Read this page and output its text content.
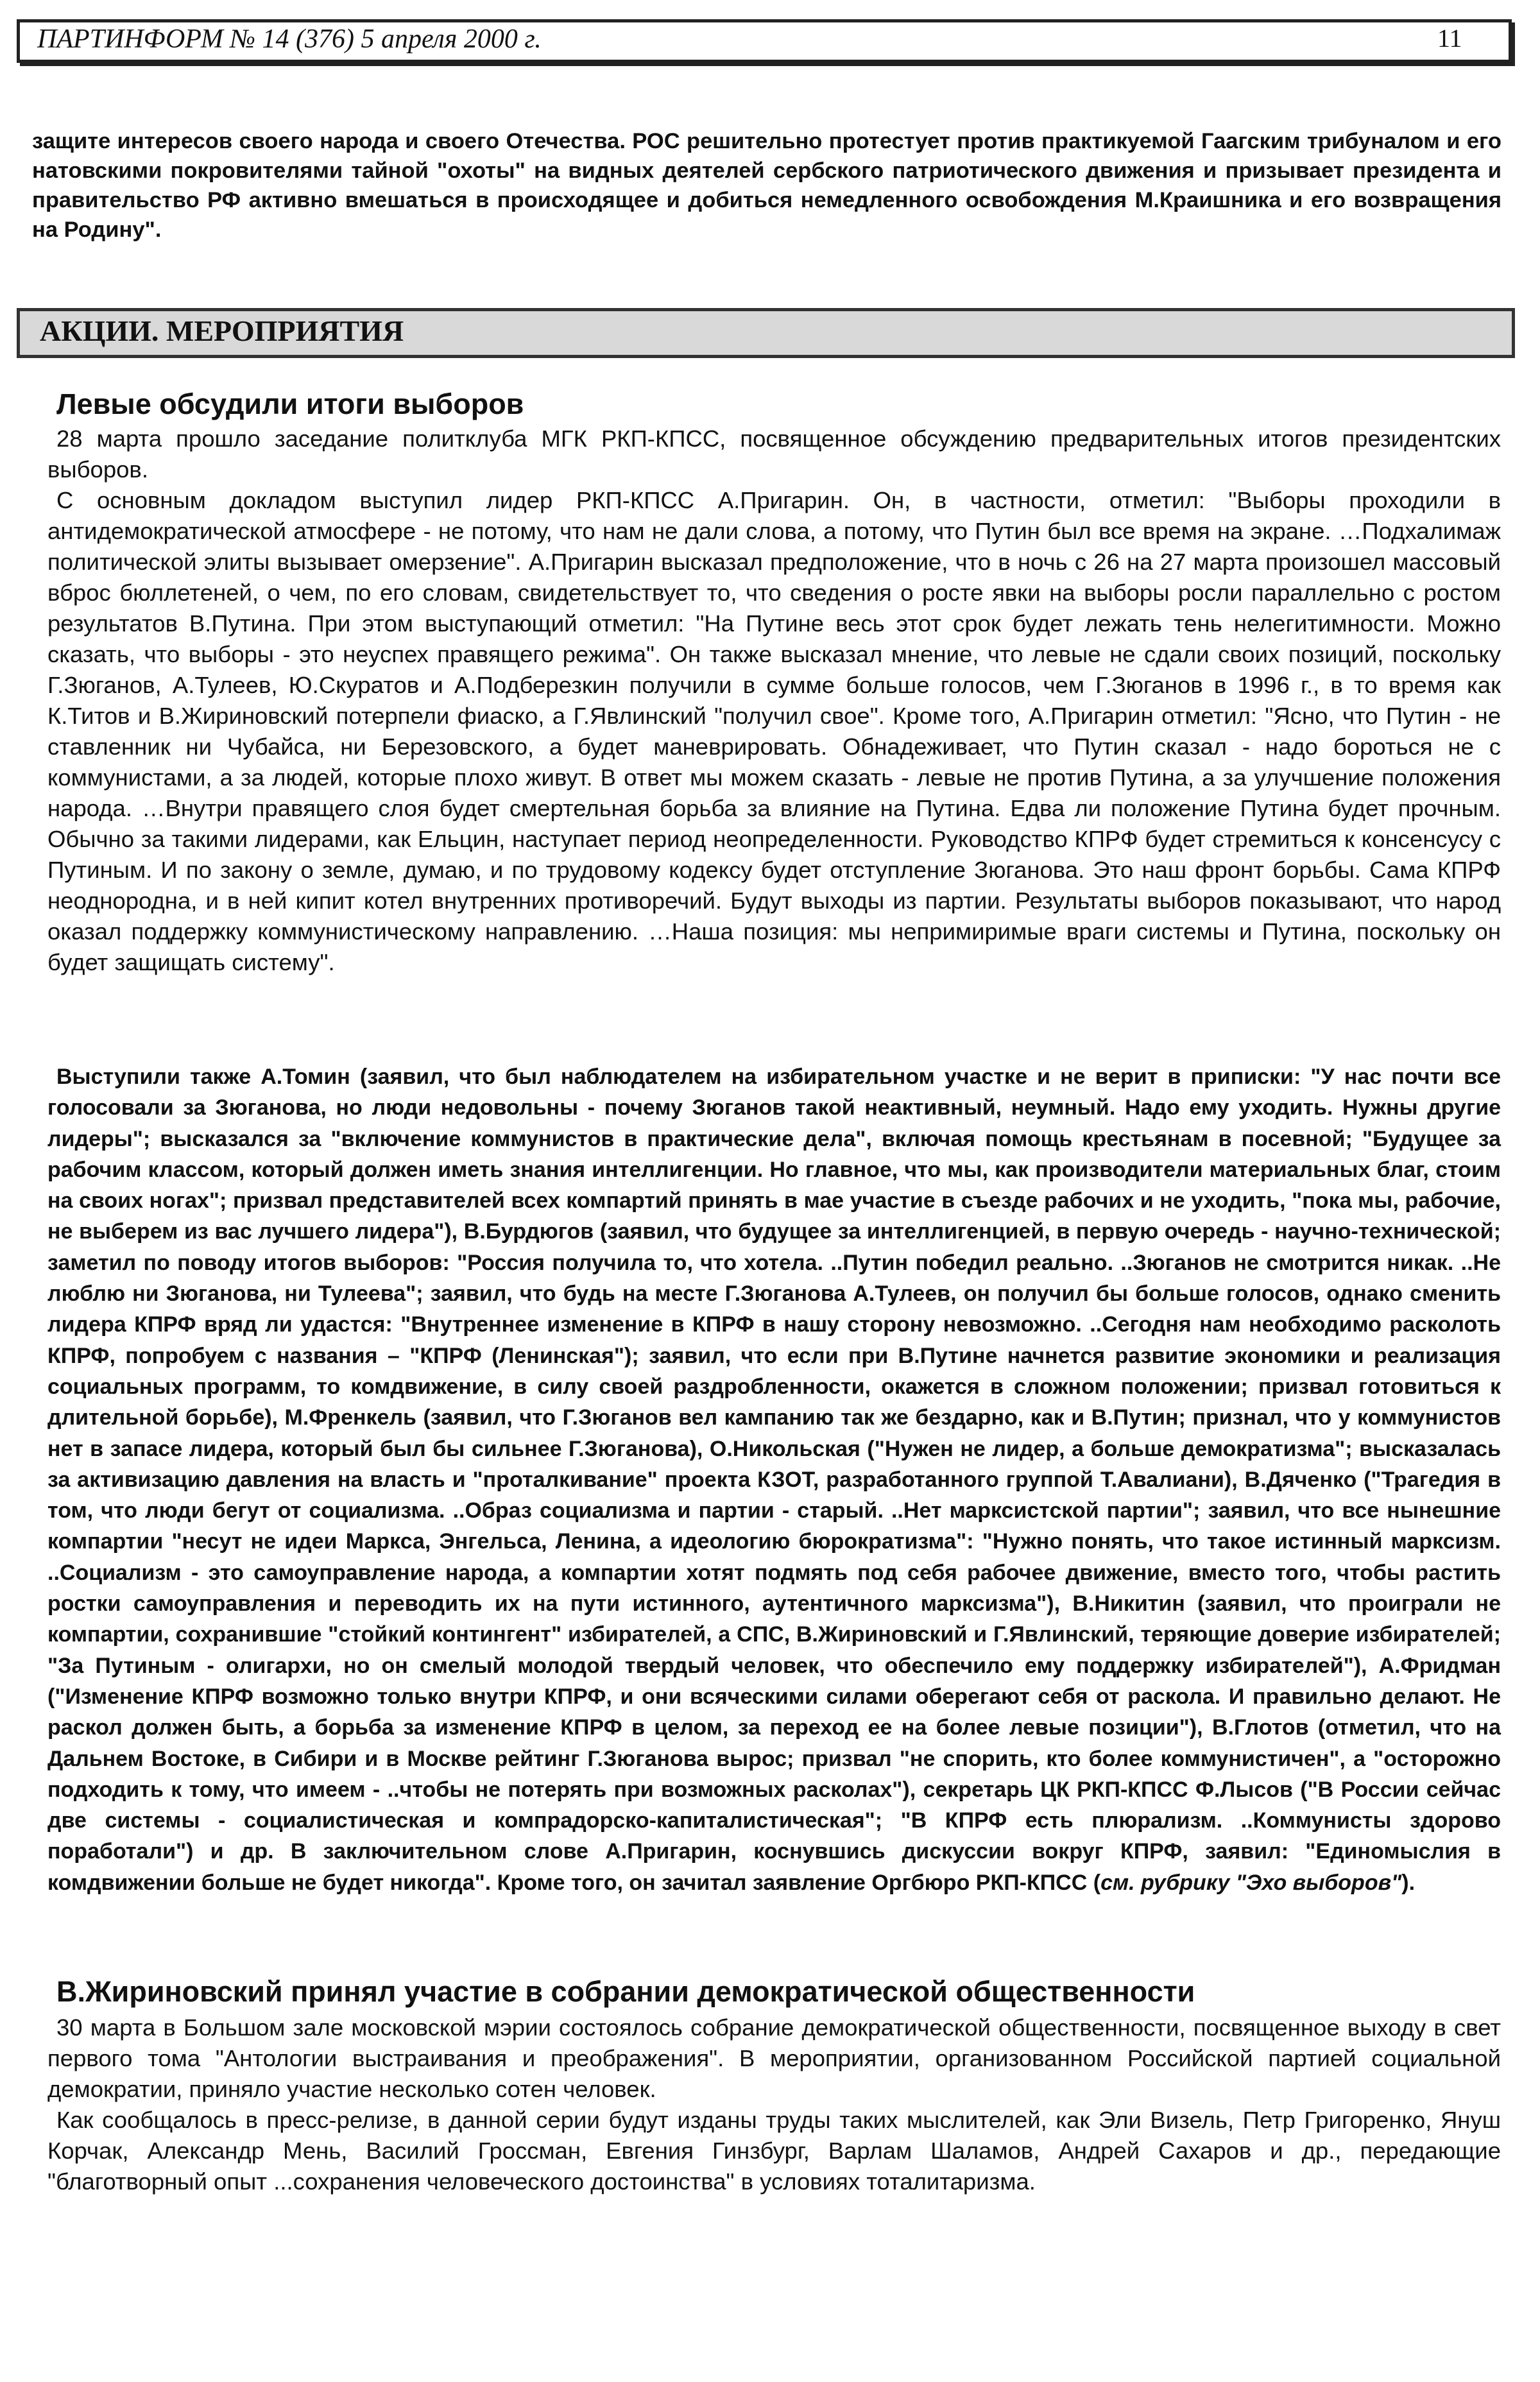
ПАРТИНФОРМ № 14 (376) 5 апреля 2000 г.	11

защите интересов своего народа и своего Отечества. РОС решительно протестует против практикуемой Гаагским трибуналом и его натовскими покровителями тайной "охоты" на видных деятелей сербского патриотического движения и призывает президента и правительство РФ активно вмешаться в происходящее и добиться немедленного освобождения М.Краишника и его возвращения на Родину".

АКЦИИ. МЕРОПРИЯТИЯ
Левые обсудили итоги выборов

28 марта прошло заседание политклуба МГК РКП-КПСС, посвященное обсуждению предварительных итогов президентских выборов.

С основным докладом выступил лидер РКП-КПСС А.Пригарин. Он, в частности, отметил: "Выборы проходили в антидемократической атмосфере - не потому, что нам не дали слова, а потому, что Путин был все время на экране. …Подхалимаж политической элиты вызывает омерзение". А.Пригарин высказал предположение, что в ночь с 26 на 27 марта произошел массовый вброс бюллетеней, о чем, по его словам, свидетельствует то, что сведения о росте явки на выборы росли параллельно с ростом результатов В.Путина. При этом выступающий отметил: "На Путине весь этот срок будет лежать тень нелегитимности. Можно сказать, что выборы - это неуспех правящего режима". Он также высказал мнение, что левые не сдали своих позиций, поскольку Г.Зюганов, А.Тулеев, Ю.Скуратов и А.Подберезкин получили в сумме больше голосов, чем Г.Зюганов в 1996 г., в то время как К.Титов и В.Жириновский потерпели фиаско, а Г.Явлинский "получил свое". Кроме того, А.Пригарин отметил: "Ясно, что Путин - не ставленник ни Чубайса, ни Березовского, а будет маневрировать. Обнадеживает, что Путин сказал - надо бороться не с коммунистами, а за людей, которые плохо живут. В ответ мы можем сказать - левые не против Путина, а за улучшение положения народа. …Внутри правящего слоя будет смертельная борьба за влияние на Путина. Едва ли положение Путина будет прочным. Обычно за такими лидерами, как Ельцин, наступает период неопределенности. Руководство КПРФ будет стремиться к консенсусу с Путиным. И по закону о земле, думаю, и по трудовому кодексу будет отступление Зюганова. Это наш фронт борьбы. Сама КПРФ неоднородна, и в ней кипит котел внутренних противоречий. Будут выходы из партии. Результаты выборов показывают, что народ оказал поддержку коммунистическому направлению. …Наша позиция: мы непримиримые враги системы и Путина, поскольку он будет защищать систему".

Выступили также А.Томин (заявил, что был наблюдателем на избирательном участке и не верит в приписки: "У нас почти все голосовали за Зюганова, но люди недовольны - почему Зюганов такой неактивный, неумный. Надо ему уходить. Нужны другие лидеры"; высказался за "включение коммунистов в практические дела", включая помощь крестьянам в посевной; "Будущее за рабочим классом, который должен иметь знания интеллигенции. Но главное, что мы, как производители материальных благ, стоим на своих ногах"; призвал представителей всех компартий принять в мае участие в съезде рабочих и не уходить, "пока мы, рабочие, не выберем из вас лучшего лидера"), В.Бурдюгов (заявил, что будущее за интеллигенцией, в первую очередь - научно-технической; заметил по поводу итогов выборов: "Россия получила то, что хотела. ..Путин победил реально. ..Зюганов не смотрится никак. ..Не люблю ни Зюганова, ни Тулеева"; заявил, что будь на месте Г.Зюганова А.Тулеев, он получил бы больше голосов, однако сменить лидера КПРФ вряд ли удастся: "Внутреннее изменение в КПРФ в нашу сторону невозможно. ..Сегодня нам необходимо расколоть КПРФ, попробуем с названия – "КПРФ (Ленинская"); заявил, что если при В.Путине начнется развитие экономики и реализация социальных программ, то комдвижение, в силу своей раздробленности, окажется в сложном положении; призвал готовиться к длительной борьбе), М.Френкель (заявил, что Г.Зюганов вел кампанию так же бездарно, как и В.Путин; признал, что у коммунистов нет в запасе лидера, который был бы сильнее Г.Зюганова), О.Никольская ("Нужен не лидер, а больше демократизма"; высказалась за активизацию давления на власть и "проталкивание" проекта КЗОТ, разработанного группой Т.Авалиани), В.Дяченко ("Трагедия в том, что люди бегут от социализма. ..Образ социализма и партии - старый. ..Нет марксистской партии"; заявил, что все нынешние компартии "несут не идеи Маркса, Энгельса, Ленина, а идеологию бюрократизма": "Нужно понять, что такое истинный марксизм. ..Социализм - это самоуправление народа, а компартии хотят подмять под себя рабочее движение, вместо того, чтобы растить ростки самоуправления и переводить их на пути истинного, аутентичного марксизма"), В.Никитин (заявил, что проиграли не компартии, сохранившие "стойкий контингент" избирателей, а СПС, В.Жириновский и Г.Явлинский, теряющие доверие избирателей; "За Путиным - олигархи, но он смелый молодой твердый человек, что обеспечило ему поддержку избирателей"), А.Фридман ("Изменение КПРФ возможно только внутри КПРФ, и они всяческими силами оберегают себя от раскола. И правильно делают. Не раскол должен быть, а борьба за изменение КПРФ в целом, за переход ее на более левые позиции"), В.Глотов (отметил, что на Дальнем Востоке, в Сибири и в Москве рейтинг Г.Зюганова вырос; призвал "не спорить, кто более коммунистичен", а "осторожно подходить к тому, что имеем - ..чтобы не потерять при возможных расколах"), секретарь ЦК РКП-КПСС Ф.Лысов ("В России сейчас две системы - социалистическая и компрадорско-капиталистическая"; "В КПРФ есть плюрализм. ..Коммунисты здорово поработали") и др. В заключительном слове А.Пригарин, коснувшись дискуссии вокруг КПРФ, заявил: "Единомыслия в комдвижении больше не будет никогда". Кроме того, он зачитал заявление Оргбюро РКП-КПСС (см. рубрику "Эхо выборов").

В.Жириновский принял участие в собрании демократической общественности

30 марта в Большом зале московской мэрии состоялось собрание демократической общественности, посвященное выходу в свет первого тома "Антологии выстраивания и преображения". В мероприятии, организованном Российской партией социальной демократии, приняло участие несколько сотен человек.

Как сообщалось в пресс-релизе, в данной серии будут изданы труды таких мыслителей, как Эли Визель, Петр Григоренко, Януш Корчак, Александр Мень, Василий Гроссман, Евгения Гинзбург, Варлам Шаламов, Андрей Сахаров и др., передающие "благотворный опыт ...сохранения человеческого достоинства" в условиях тоталитаризма.
